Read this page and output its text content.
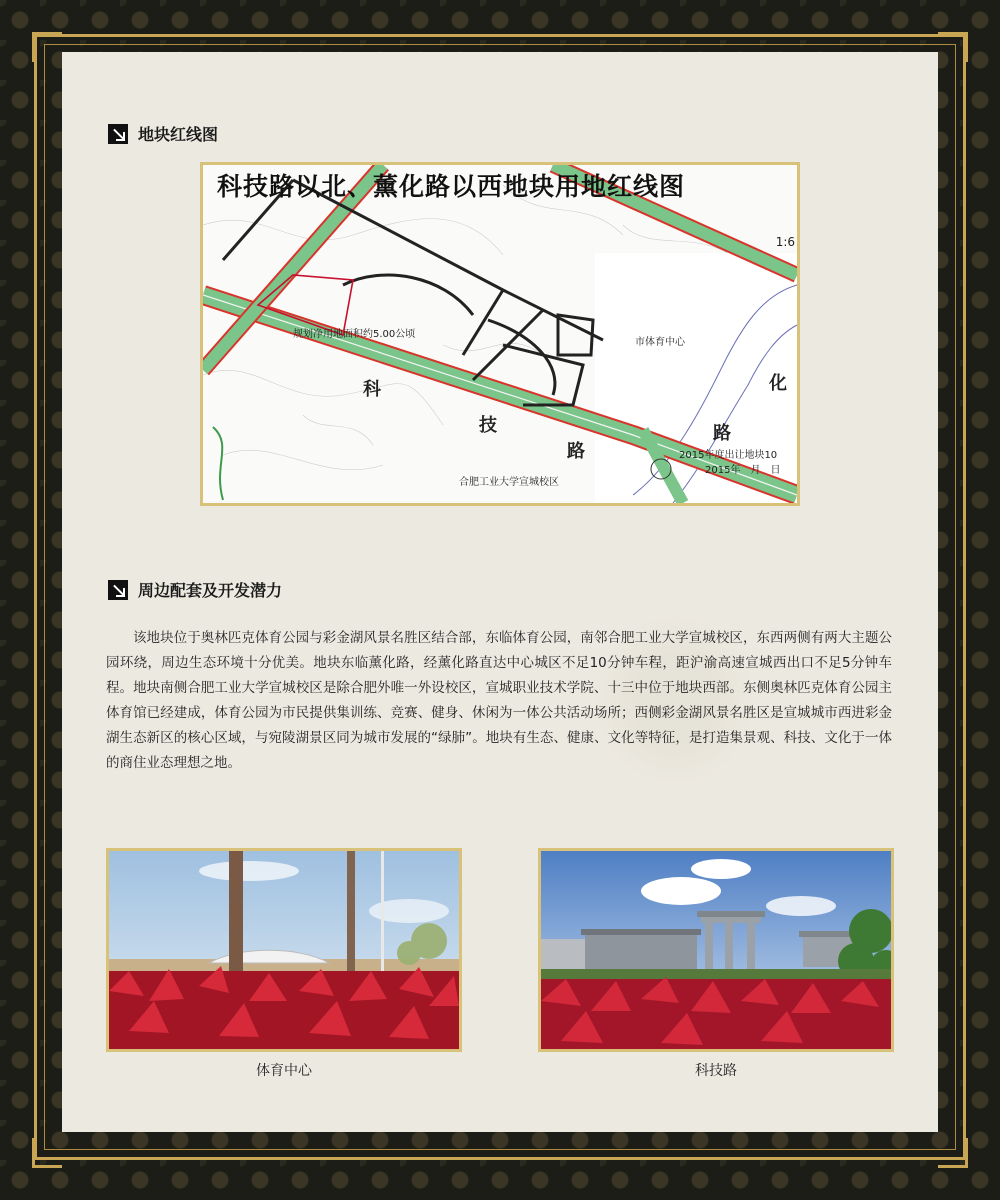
地块红线图
科技路以北、薰化路以西地块用地红线图
1:6
规划净用地面积约5.00公顷
市体育中心
合肥工业大学宣城校区
2015年度出让地块10
2015年　月　日
科
技
路
化
路
周边配套及开发潜力
该地块位于奥林匹克体育公园与彩金湖风景名胜区结合部，东临体育公园，南邻合肥工业大学宣城校区，东西两侧有两大主题公园环绕，周边生态环境十分优美。地块东临薰化路，经薰化路直达中心城区不足10分钟车程，距沪渝高速宣城西出口不足5分钟车程。地块南侧合肥工业大学宣城校区是除合肥外唯一外设校区，宣城职业技术学院、十三中位于地块西部。东侧奥林匹克体育公园主体育馆已经建成，体育公园为市民提供集训练、竞赛、健身、休闲为一体公共活动场所；西侧彩金湖风景名胜区是宣城城市西进彩金湖生态新区的核心区域，与宛陵湖景区同为城市发展的“绿肺”。地块有生态、健康、文化等特征，是打造集景观、科技、文化于一体的商住业态理想之地。
体育中心	科技路
